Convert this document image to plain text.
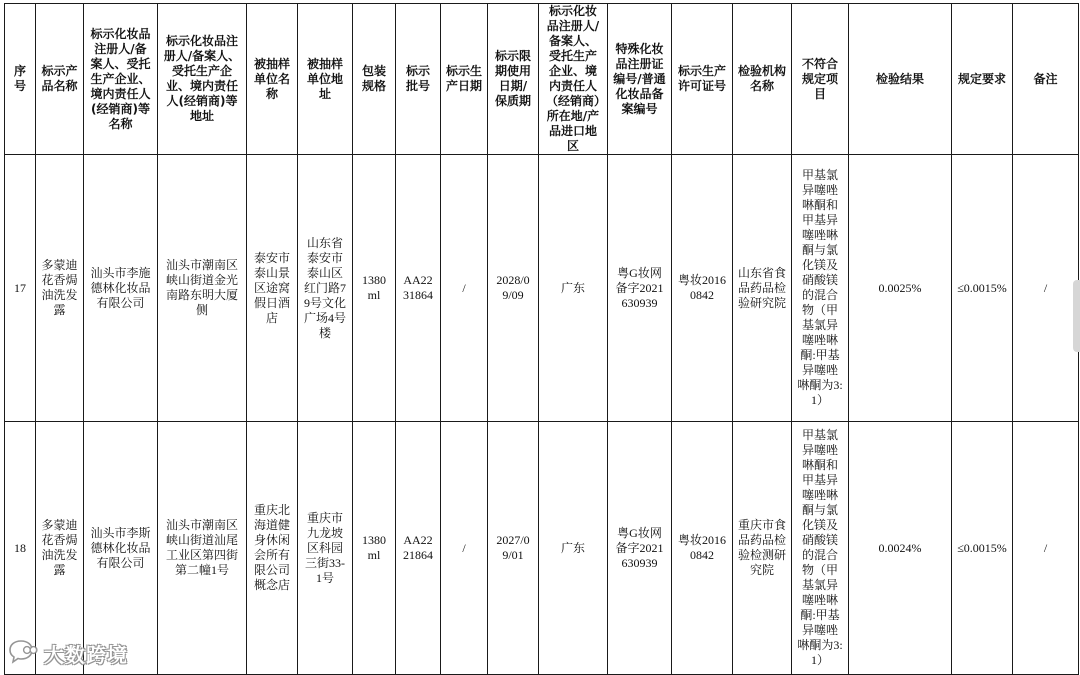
序号	标示产品名称	标示化妆品注册人/备案人、受托生产企业、境内责任人(经销商)等名称	标示化妆品注册人/备案人、受托生产企业、境内责任人(经销商)等地址	被抽样单位名称	被抽样单位地址	包装规格	标示批号	标示生产日期	标示限期使用日期/保质期	标示化妆品注册人/备案人、受托生产企业、境内责任人（经销商）所在地/产品进口地区	特殊化妆品注册证编号/普通化妆品备案编号	标示生产许可证号	检验机构名称	不符合规定项目	检验结果	规定要求	备注
17	多蒙迪花香焗油洗发露	汕头市李施德林化妆品有限公司	汕头市潮南区峡山街道金光南路东明大厦侧	泰安市泰山景区途窝假日酒店	山东省泰安市泰山区红门路79号文化广场4号楼	1380ml	AA2231864	/	2028/09/09	广东	粤G妆网备字2021630939	粤妆20160842	山东省食品药品检验研究院	甲基氯异噻唑啉酮和甲基异噻唑啉酮与氯化镁及硝酸镁的混合物（甲基氯异噻唑啉酮:甲基异噻唑啉酮为3:1）	0.0025%	≤0.0015%	/
18	多蒙迪花香焗油洗发露	汕头市李斯德林化妆品有限公司	汕头市潮南区峡山街道汕尾工业区第四街第二幢1号	重庆北海道健身休闲会所有限公司概念店	重庆市九龙坡区科园三街33-1号	1380ml	AA2221864	/	2027/09/01	广东	粤G妆网备字2021630939	粤妆20160842	重庆市食品药品检验检测研究院	甲基氯异噻唑啉酮和甲基异噻唑啉酮与氯化镁及硝酸镁的混合物（甲基氯异噻唑啉酮:甲基异噻唑啉酮为3:1）	0.0024%	≤0.0015%	/
大数跨境
